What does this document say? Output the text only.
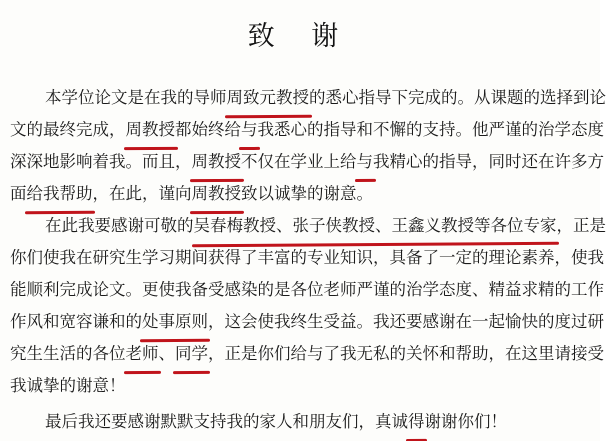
致 谢
本学位论文是在我的导师周致元教授的悉心指导下完成的。从课题的选择到论
文的最终完成，周教授都始终给与我悉心的指导和不懈的支持。他严谨的治学态度
深深地影响着我。而且，周教授不仅在学业上给与我精心的指导，同时还在许多方
面给我帮助，在此，谨向周教授致以诚挚的谢意。
在此我要感谢可敬的吴春梅教授、张子侠教授、王鑫义教授等各位专家，正是
你们使我在研究生学习期间获得了丰富的专业知识，具备了一定的理论素养，使我
能顺利完成论文。更使我备受感染的是各位老师严谨的治学态度、精益求精的工作
作风和宽容谦和的处事原则，这会使我终生受益。我还要感谢在一起愉快的度过研
究生生活的各位老师、同学，正是你们给与了我无私的关怀和帮助，在这里请接受
我诚挚的谢意！
最后我还要感谢默默支持我的家人和朋友们，真诚得谢谢你们！
